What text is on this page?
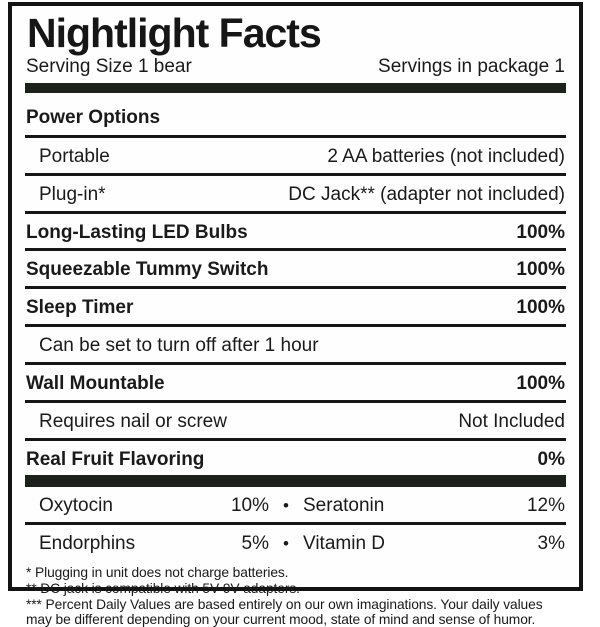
Nightlight Facts
Serving Size 1 bear	Servings in package 1
Power Options
Portable	2 AA batteries (not included)
Plug-in*	DC Jack** (adapter not included)
Long-Lasting LED Bulbs	100%
Squeezable Tummy Switch	100%
Sleep Timer	100%
Can be set to turn off after 1 hour
Wall Mountable	100%
Requires nail or screw	Not Included
Real Fruit Flavoring	0%
Oxytocin	10% • Seratonin	12%
Endorphins	5% • Vitamin D	3%

* Plugging in unit does not charge batteries.

** DC jack is compatible with 5V-9V adapters.

*** Percent Daily Values are based entirely on our own imaginations. Your daily values may be different depending on your current mood, state of mind and sense of humor.
